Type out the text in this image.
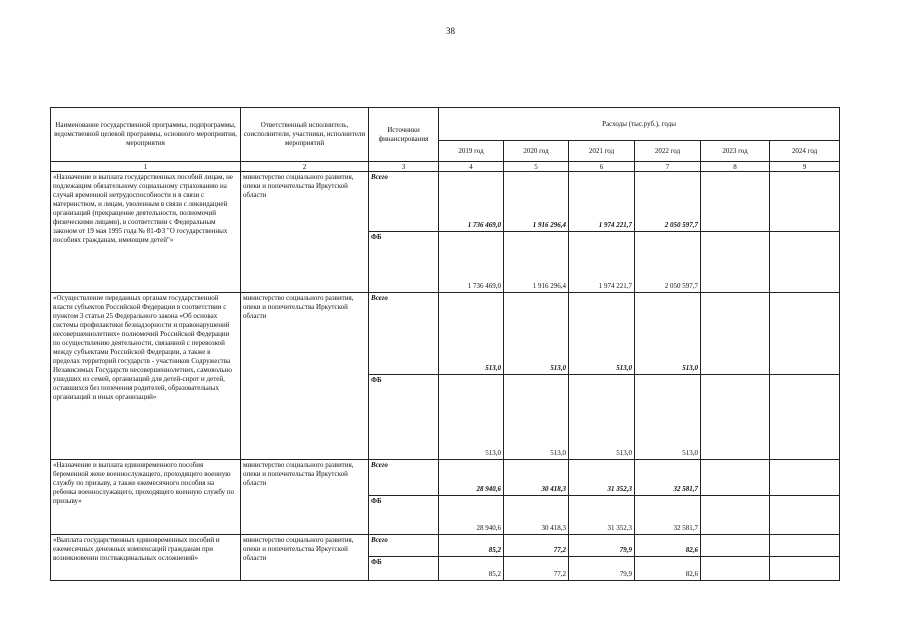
38
Наименование государственной программы, подпрограммы, ведомственной целевой программы, основного мероприятия, мероприятия	Ответственный исполнитель, соисполнители, участники, исполнители мероприятий	Источники финансирования	Расходы (тыс.руб.), годы					
			2019 год	2020 год	2021 год	2022 год	2023 год	2024 год
1	2	3	4	5	6	7	8	9
«Назначение и выплата государственных пособий лицам, не подлежащим обязательному социальному страхованию на случай временной нетрудоспособности и в связи с материнством, и лицам, уволенным в связи с ликвидацией организаций (прекращение деятельности, полномочий физическими лицами), в соответствии с Федеральным законом от 19 мая 1995 года № 81-ФЗ "О государственных пособиях гражданам, имеющим детей"»	министерство социального развития, опеки и попечительства Иркутской области	Всего	1 736 469,0	1 916 296,4	1 974 221,7	2 050 597,7		
		ФБ	1 736 469,0	1 916 296,4	1 974 221,7	2 050 597,7		
«Осуществление переданных органам государственной власти субъектов Российской Федерации в соответствии с пунктом 3 статьи 25 Федерального закона «Об основах системы профилактики безнадзорности и правонарушений несовершеннолетних» полномочий Российской Федерации по осуществлению деятельности, связанной с перевозкой между субъектами Российской Федерации, а также в пределах территорий государств - участников Содружества Независимых Государств несовершеннолетних, самовольно ушедших из семей, организаций для детей-сирот и детей, оставшихся без попечения родителей, образовательных организаций и иных организаций»	министерство социального развития, опеки и попечительства Иркутской области	Всего	513,0	513,0	513,0	513,0		
		ФБ	513,0	513,0	513,0	513,0		
«Назначение и выплата единовременного пособия беременной жене военнослужащего, проходящего военную службу по призыву, а также ежемесячного пособия на ребенка военнослужащего, проходящего военную службу по призыву»	министерство социального развития, опеки и попечительства Иркутской области	Всего	28 940,6	30 418,3	31 352,3	32 581,7		
		ФБ	28 940,6	30 418,3	31 352,3	32 581,7		
«Выплата государственных единовременных пособий и ежемесячных денежных компенсаций гражданам при возникновении поствакцинальных осложнений»	министерство социального развития, опеки и попечительства Иркутской области	Всего	85,2	77,2	79,9	82,6		
		ФБ	85,2	77,2	79,9	82,6		
